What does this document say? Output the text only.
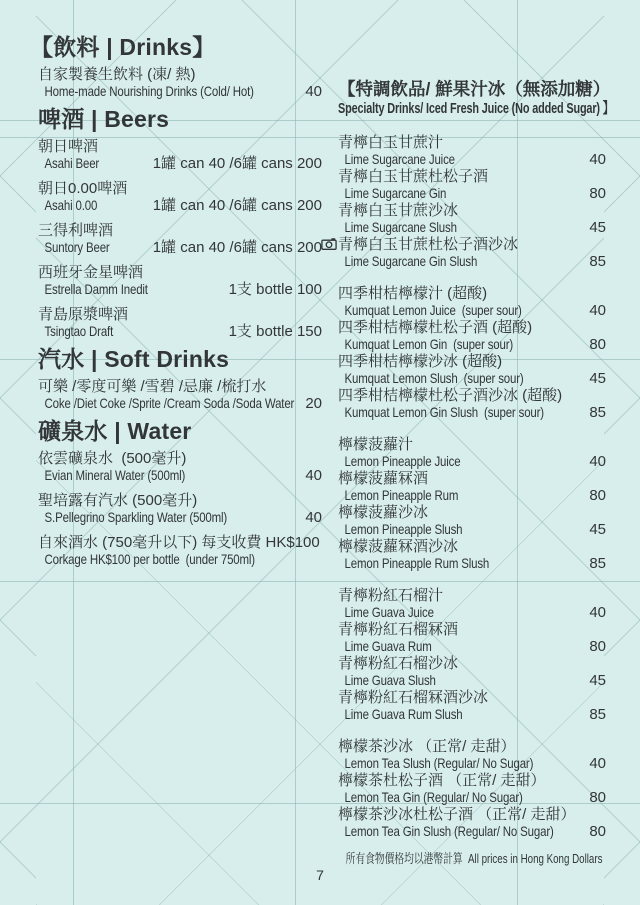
【飲料 | Drinks】
自家製養生飲料 (凍/ 熱)
Home-made Nourishing Drinks (Cold/ Hot)	40
啤酒 | Beers
朝日啤酒
Asahi Beer	1罐 can 40 /6罐 cans 200
朝日0.00啤酒
Asahi 0.00	1罐 can 40 /6罐 cans 200
三得利啤酒
Suntory Beer	1罐 can 40 /6罐 cans 200
西班牙金星啤酒
Estrella Damm Inedit	1支 bottle 100
青島原漿啤酒
Tsingtao Draft	1支 bottle 150
汽水 | Soft Drinks
可樂 /零度可樂 /雪碧 /忌廉 /梳打水
Coke /Diet Coke /Sprite /Cream Soda /Soda Water 20
礦泉水 | Water
依雲礦泉水  (500毫升)
Evian Mineral Water (500ml)	40
聖培露有汽水 (500毫升)
S.Pellegrino Sparkling Water (500ml)	40
自來酒水 (750毫升以下) 每支收費 HK$100
Corkage HK$100 per bottle  (under 750ml)
【特調飲品/ 鮮果汁冰（無添加糖）
Specialty Drinks/ Iced Fresh Juice (No added Sugar) 】
青檸白玉甘蔗汁
Lime Sugarcane Juice	40
青檸白玉甘蔗杜松子酒
Lime Sugarcane Gin	80
青檸白玉甘蔗沙冰
Lime Sugarcane Slush	45
青檸白玉甘蔗杜松子酒沙冰
Lime Sugarcane Gin Slush	85
四季柑桔檸檬汁 (超酸)
Kumquat Lemon Juice  (super sour)	40
四季柑桔檸檬杜松子酒 (超酸)
Kumquat Lemon Gin  (super sour)	80
四季柑桔檸檬沙冰 (超酸)
Kumquat Lemon Slush  (super sour)	45
四季柑桔檸檬杜松子酒沙冰 (超酸)
Kumquat Lemon Gin Slush  (super sour)	85
檸檬菠蘿汁
Lemon Pineapple Juice	40
檸檬菠蘿冧酒
Lemon Pineapple Rum	80
檸檬菠蘿沙冰
Lemon Pineapple Slush	45
檸檬菠蘿冧酒沙冰
Lemon Pineapple Rum Slush	85
青檸粉紅石榴汁
Lime Guava Juice	40
青檸粉紅石榴冧酒
Lime Guava Rum	80
青檸粉紅石榴沙冰
Lime Guava Slush	45
青檸粉紅石榴冧酒沙冰
Lime Guava Rum Slush	85
檸檬茶沙冰 （正常/ 走甜）
Lemon Tea Slush (Regular/ No Sugar)	40
檸檬茶杜松子酒 （正常/ 走甜）
Lemon Tea Gin (Regular/ No Sugar)	80
檸檬茶沙冰杜松子酒 （正常/ 走甜）
Lemon Tea Gin Slush (Regular/ No Sugar) 80
所有食物價格均以港幣計算 All prices in Hong Kong Dollars
7
